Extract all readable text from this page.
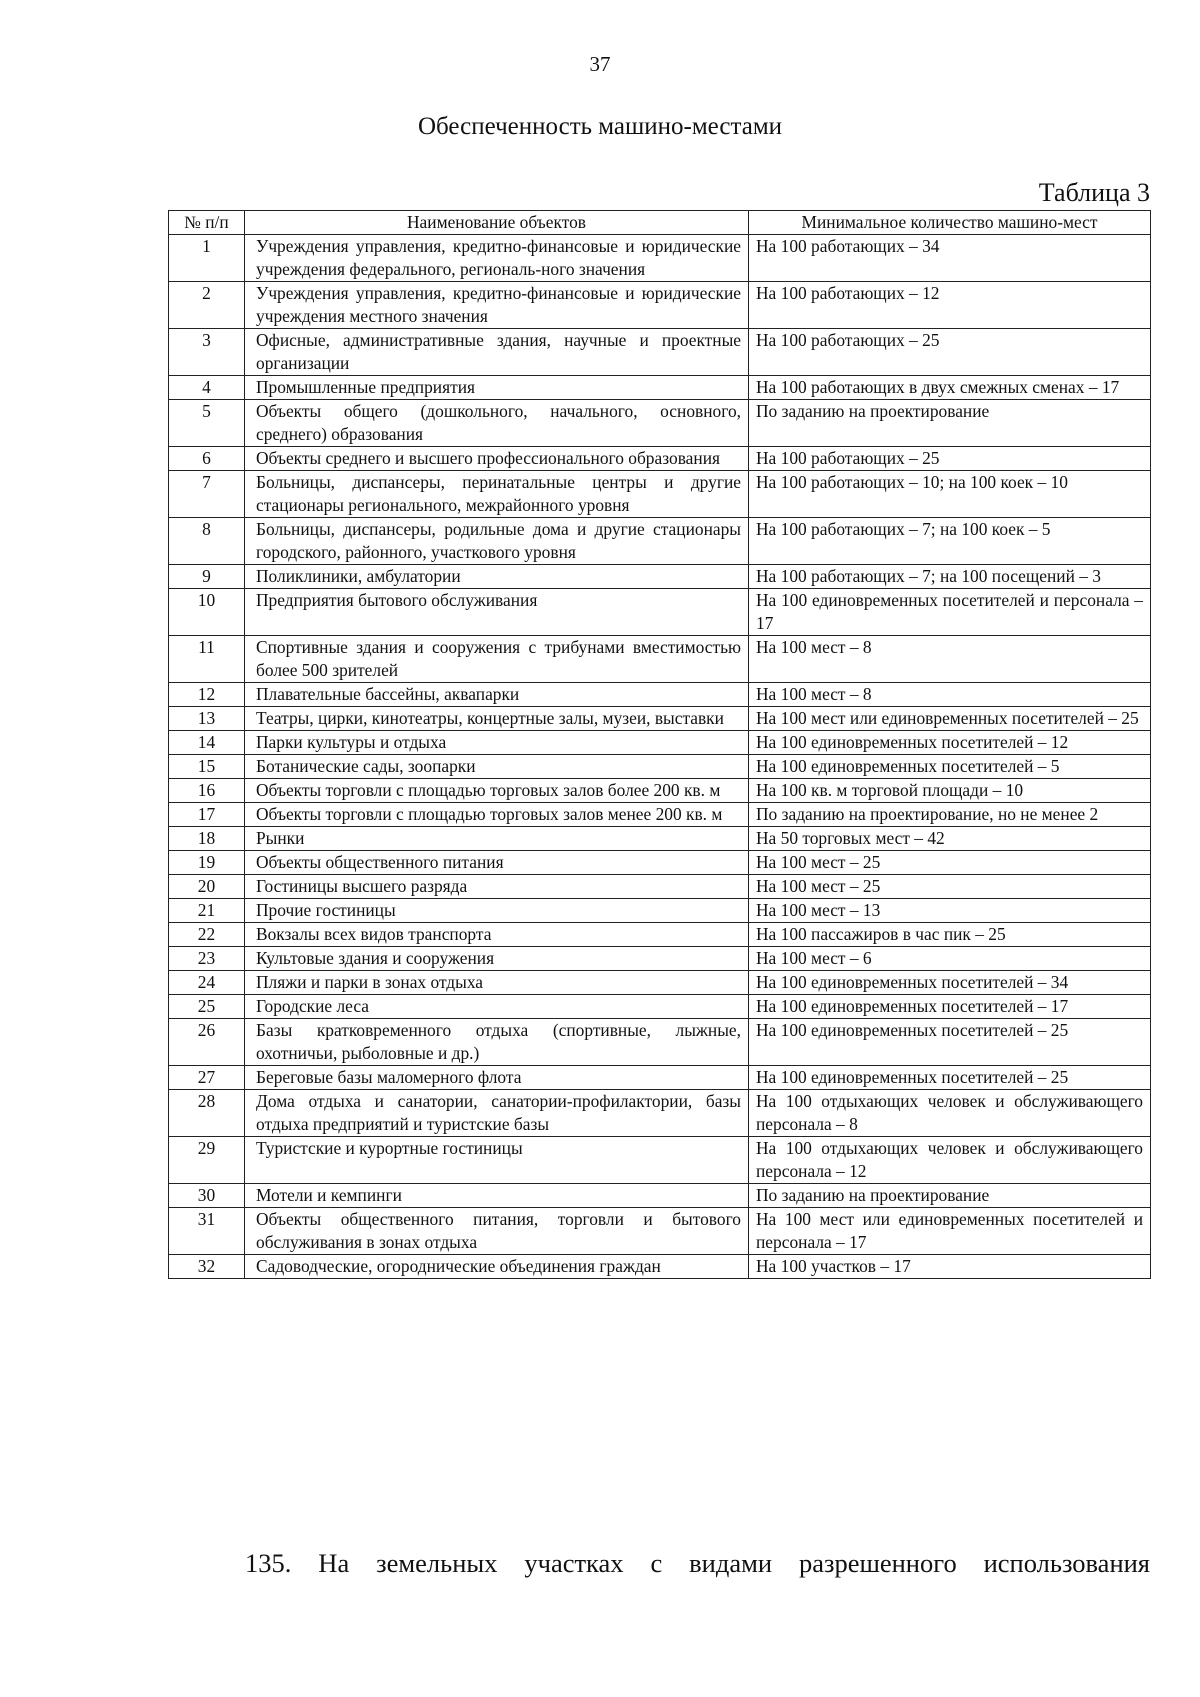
37
Обеспеченность машино-местами
Таблица 3
№ п/п	Наименование объектов	Минимальное количество машино-мест
1	Учреждения управления, кредитно-финансовые и юридические учреждения федерального, региональ-ного значения	На 100 работающих – 34
2	Учреждения управления, кредитно-финансовые и юридические учреждения местного значения	На 100 работающих – 12
3	Офисные, административные здания, научные и проектные организации	На 100 работающих – 25
4	Промышленные предприятия	На 100 работающих в двух смежных сменах – 17
5	Объекты общего (дошкольного, начального, основного, среднего) образования	По заданию на проектирование
6	Объекты среднего и высшего профессионального образования	На 100 работающих – 25
7	Больницы, диспансеры, перинатальные центры и другие стационары регионального, межрайонного уровня	На 100 работающих – 10; на 100 коек – 10
8	Больницы, диспансеры, родильные дома и другие стационары городского, районного, участкового уровня	На 100 работающих – 7; на 100 коек – 5
9	Поликлиники, амбулатории	На 100 работающих – 7; на 100 посещений – 3
10	Предприятия бытового обслуживания	На 100 единовременных посетителей и персонала – 17
11	Спортивные здания и сооружения с трибунами вместимостью более 500 зрителей	На 100 мест – 8
12	Плавательные бассейны, аквапарки	На 100 мест – 8
13	Театры, цирки, кинотеатры, концертные залы, музеи, выставки	На 100 мест или единовременных посетителей – 25
14	Парки культуры и отдыха	На 100 единовременных посетителей – 12
15	Ботанические сады, зоопарки	На 100 единовременных посетителей – 5
16	Объекты торговли с площадью торговых залов более 200 кв. м	На 100 кв. м торговой площади – 10
17	Объекты торговли с площадью торговых залов менее 200 кв. м	По заданию на проектирование, но не менее 2
18	Рынки	На 50 торговых мест – 42
19	Объекты общественного питания	На 100 мест – 25
20	Гостиницы высшего разряда	На 100 мест – 25
21	Прочие гостиницы	На 100 мест – 13
22	Вокзалы всех видов транспорта	На 100 пассажиров в час пик – 25
23	Культовые здания и сооружения	На 100 мест – 6
24	Пляжи и парки в зонах отдыха	На 100 единовременных посетителей – 34
25	Городские леса	На 100 единовременных посетителей – 17
26	Базы кратковременного отдыха (спортивные, лыжные, охотничьи, рыболовные и др.)	На 100 единовременных посетителей – 25
27	Береговые базы маломерного флота	На 100 единовременных посетителей – 25
28	Дома отдыха и санатории, санатории-профилактории, базы отдыха предприятий и туристские базы	На 100 отдыхающих человек и обслуживающего персонала – 8
29	Туристские и курортные гостиницы	На 100 отдыхающих человек и обслуживающего персонала – 12
30	Мотели и кемпинги	По заданию на проектирование
31	Объекты общественного питания, торговли и бытового обслуживания в зонах отдыха	На 100 мест или единовременных посетителей и персонала – 17
32	Садоводческие, огороднические объединения граждан	На 100 участков – 17
135. На земельных участках с видами разрешенного использования
